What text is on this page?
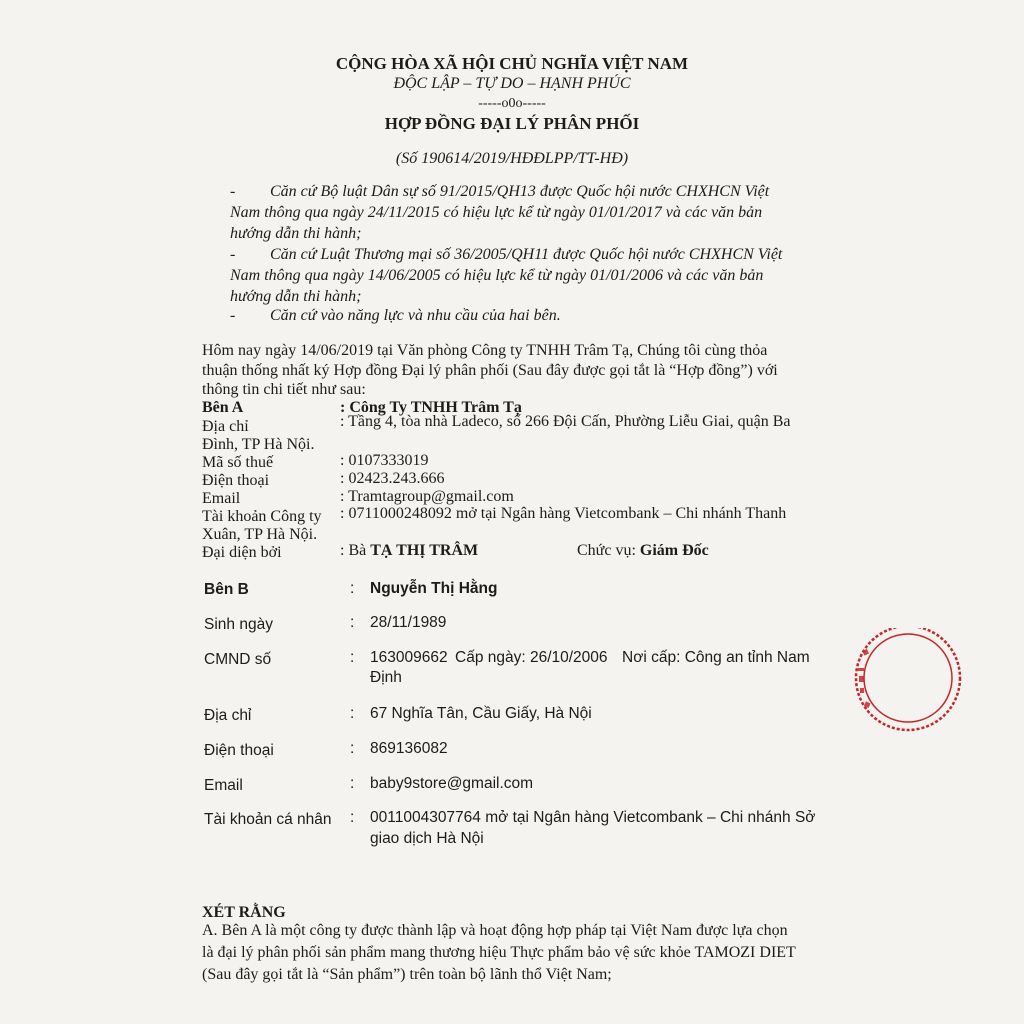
CỘNG HÒA XÃ HỘI CHỦ NGHĨA VIỆT NAM
ĐỘC LẬP – TỰ DO – HẠNH PHÚC
-----o0o-----
HỢP ĐỒNG ĐẠI LÝ PHÂN PHỐI
(Số 190614/2019/HĐĐLPP/TT-HĐ)
- Căn cứ Bộ luật Dân sự số 91/2015/QH13 được Quốc hội nước CHXHCN Việt
Nam thông qua ngày 24/11/2015 có hiệu lực kể từ ngày 01/01/2017 và các văn bản
hướng dẫn thi hành;
- Căn cứ Luật Thương mại số 36/2005/QH11 được Quốc hội nước CHXHCN Việt
Nam thông qua ngày 14/06/2005 có hiệu lực kể từ ngày 01/01/2006 và các văn bản
hướng dẫn thi hành;
- Căn cứ vào năng lực và nhu cầu của hai bên.
Hôm nay ngày 14/06/2019 tại Văn phòng Công ty TNHH Trâm Tạ, Chúng tôi cùng thỏa
thuận thống nhất ký Hợp đồng Đại lý phân phối (Sau đây được gọi tắt là “Hợp đồng”) với
thông tin chi tiết như sau:
Bên A	: Công Ty TNHH Trâm Tạ
Địa chỉ	: Tầng 4, tòa nhà Ladeco, số 266 Đội Cấn, Phường Liễu Giai, quận Ba
Đình, TP Hà Nội.
Mã số thuế	: 0107333019
Điện thoại	: 02423.243.666
Email	: Tramtagroup@gmail.com
Tài khoản Công ty : 0711000248092 mở tại Ngân hàng Vietcombank – Chi nhánh Thanh
Xuân, TP Hà Nội.
Đại diện bởi	: Bà TẠ THỊ TRÂM	Chức vụ: Giám Đốc
Bên B	: Nguyễn Thị Hằng
Sinh ngày	: 28/11/1989
CMND số	: 163009662 Cấp ngày: 26/10/2006 Nơi cấp: Công an tỉnh Nam
Định
Địa chỉ	: 67 Nghĩa Tân, Cầu Giấy, Hà Nội
Điện thoại	: 869136082
Email	: baby9store@gmail.com
Tài khoản cá nhân : 0011004307764 mở tại Ngân hàng Vietcombank – Chi nhánh Sở
giao dịch Hà Nội
XÉT RẰNG
A. Bên A là một công ty được thành lập và hoạt động hợp pháp tại Việt Nam được lựa chọn
là đại lý phân phối sản phẩm mang thương hiệu Thực phẩm bảo vệ sức khỏe TAMOZI DIET
(Sau đây gọi tắt là “Sản phẩm”) trên toàn bộ lãnh thổ Việt Nam;
